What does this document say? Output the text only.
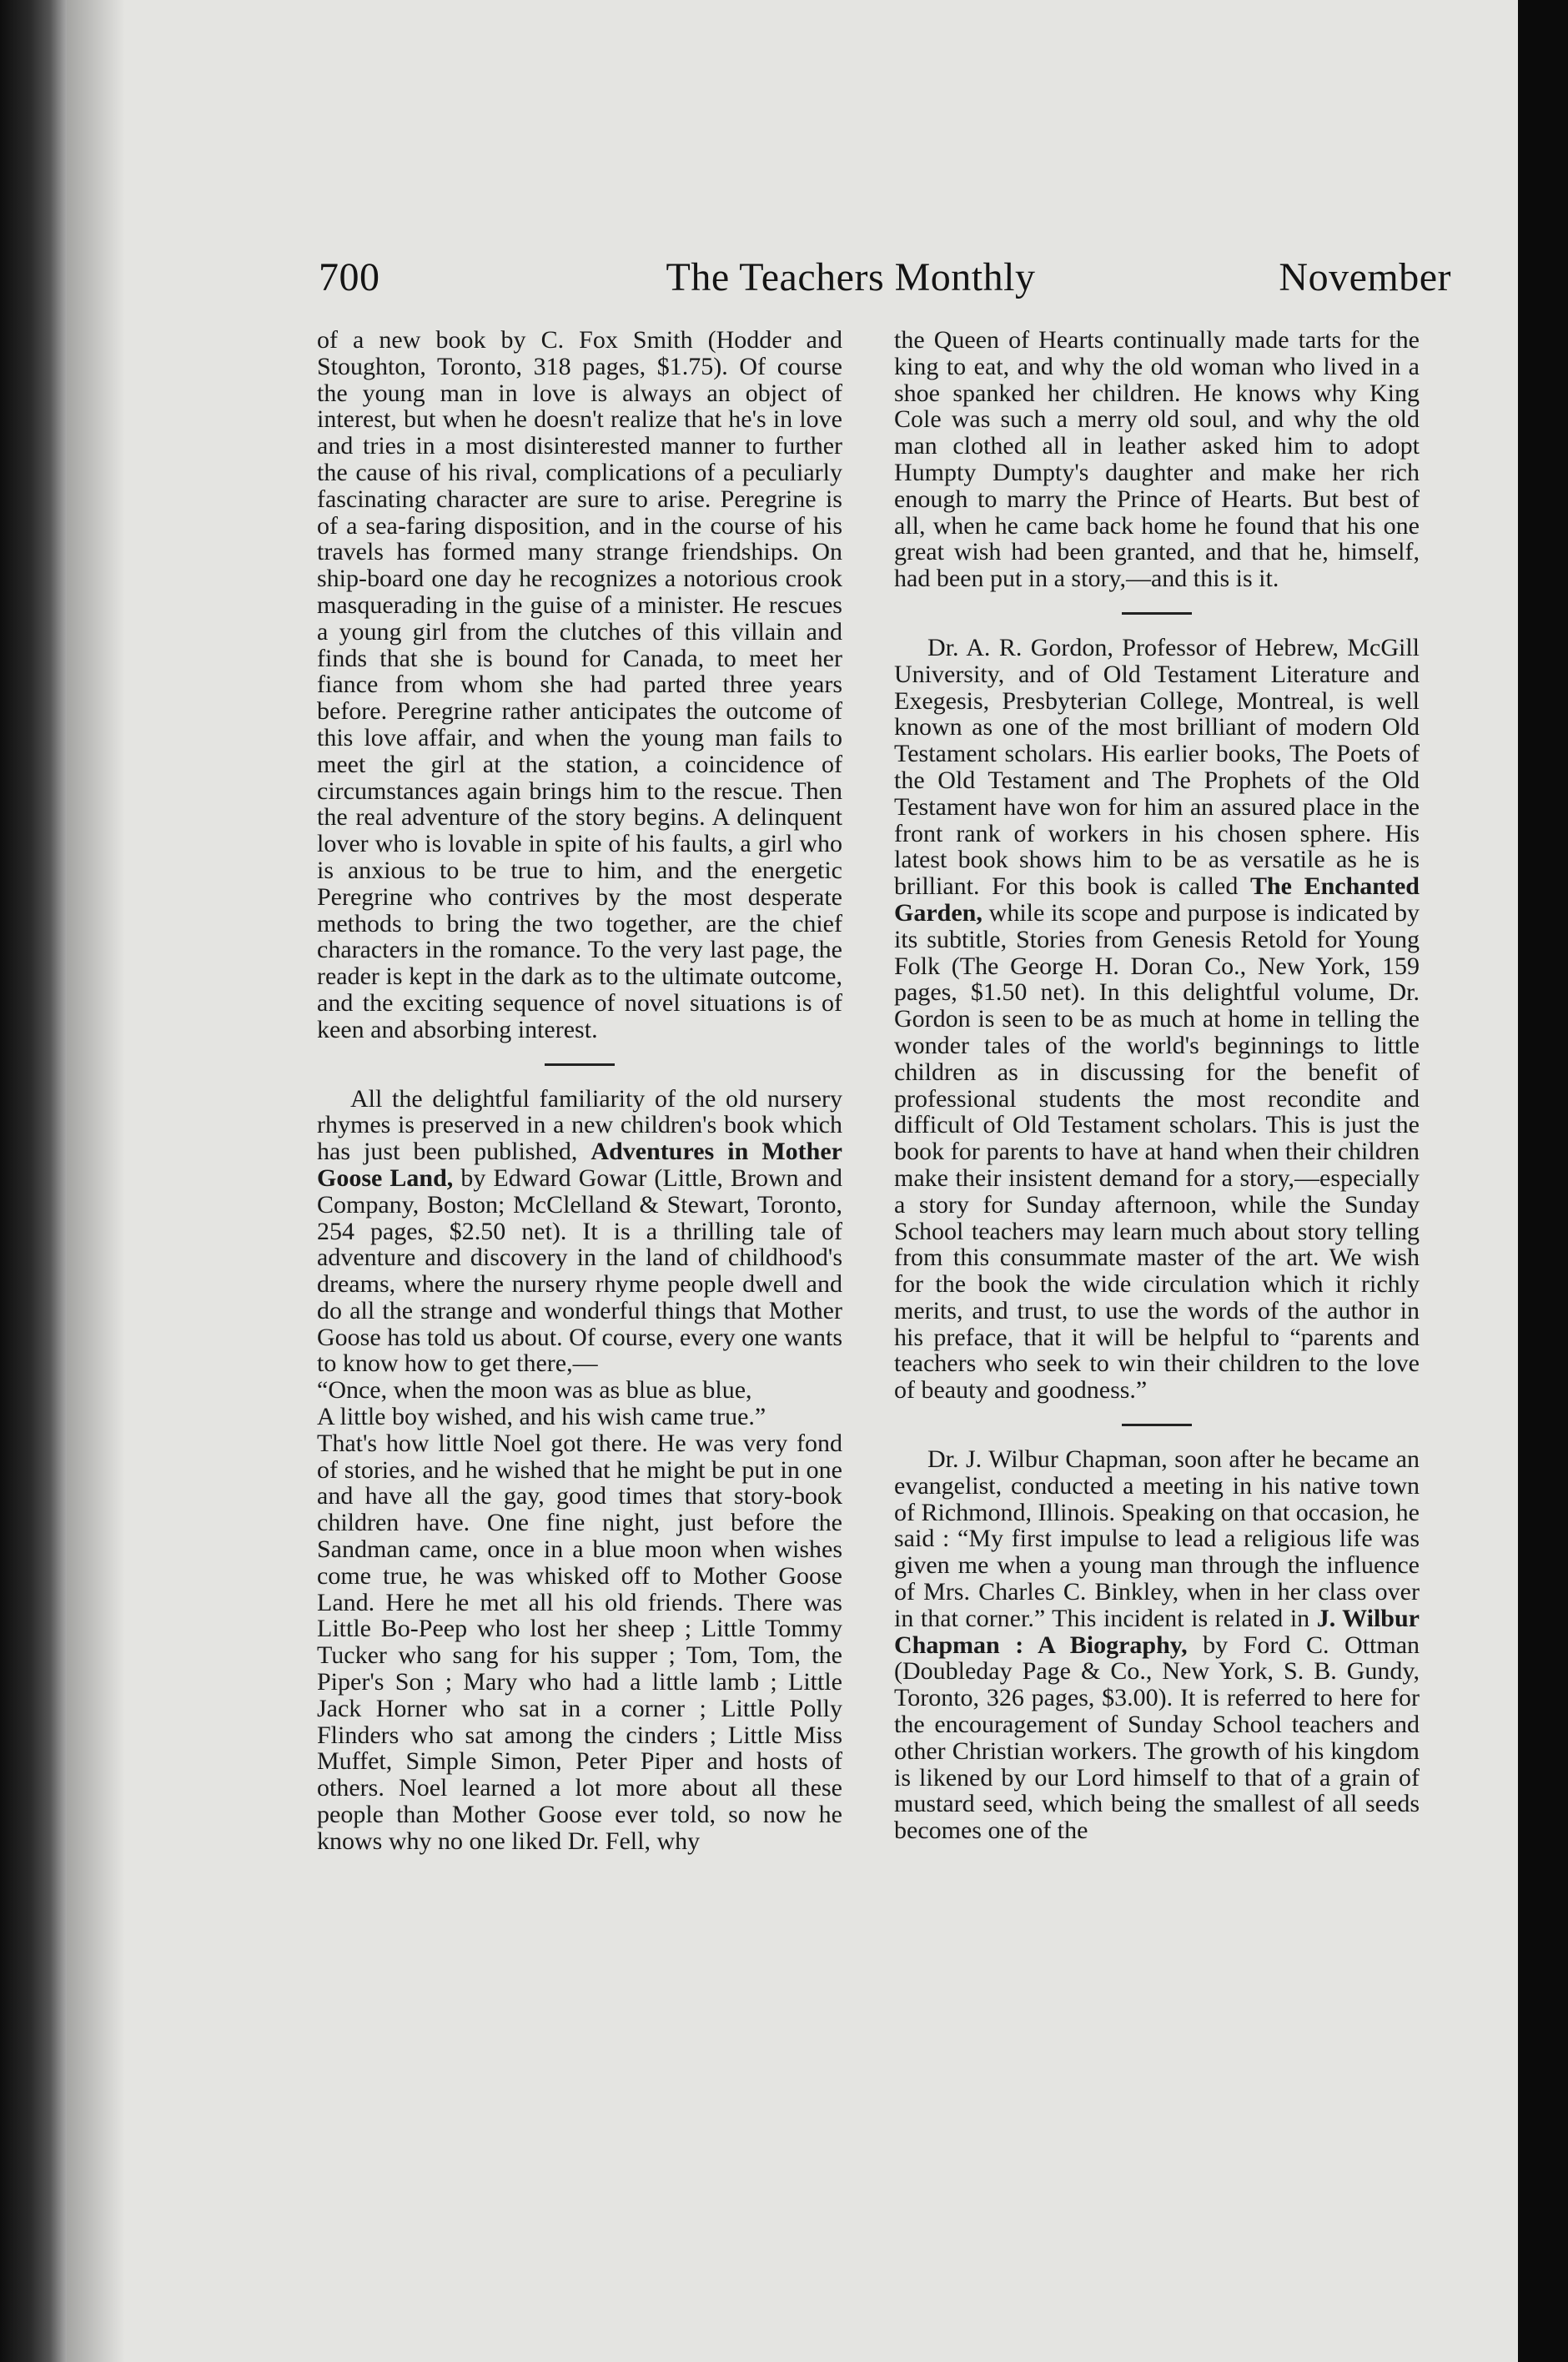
700	The Teachers Monthly	November

of a new book by C. Fox Smith (Hodder and Stoughton, Toronto, 318 pages, $1.75). Of course the young man in love is always an object of interest, but when he doesn't realize that he's in love and tries in a most disinterested manner to further the cause of his rival, complications of a peculiarly fascinating character are sure to arise. Peregrine is of a sea-faring disposition, and in the course of his travels has formed many strange friendships. On ship-board one day he recognizes a notorious crook masquerading in the guise of a minister. He rescues a young girl from the clutches of this villain and finds that she is bound for Canada, to meet her fiance from whom she had parted three years before. Peregrine rather anticipates the outcome of this love affair, and when the young man fails to meet the girl at the station, a coincidence of circumstances again brings him to the rescue. Then the real adventure of the story begins. A delinquent lover who is lovable in spite of his faults, a girl who is anxious to be true to him, and the energetic Peregrine who contrives by the most desperate methods to bring the two together, are the chief characters in the romance. To the very last page, the reader is kept in the dark as to the ultimate outcome, and the exciting sequence of novel situations is of keen and absorbing interest.

All the delightful familiarity of the old nursery rhymes is preserved in a new children's book which has just been published, Adventures in Mother Goose Land, by Edward Gowar (Little, Brown and Company, Boston; McClelland & Stewart, Toronto, 254 pages, $2.50 net). It is a thrilling tale of adventure and discovery in the land of childhood's dreams, where the nursery rhyme people dwell and do all the strange and wonderful things that Mother Goose has told us about. Of course, every one wants to know how to get there,—

“Once, when the moon was as blue as blue,

A little boy wished, and his wish came true.”

That's how little Noel got there. He was very fond of stories, and he wished that he might be put in one and have all the gay, good times that story-book children have. One fine night, just before the Sandman came, once in a blue moon when wishes come true, he was whisked off to Mother Goose Land. Here he met all his old friends. There was Little Bo-Peep who lost her sheep ; Little Tommy Tucker who sang for his supper ; Tom, Tom, the Piper's Son ; Mary who had a little lamb ; Little Jack Horner who sat in a corner ; Little Polly Flinders who sat among the cinders ; Little Miss Muffet, Simple Simon, Peter Piper and hosts of others. Noel learned a lot more about all these people than Mother Goose ever told, so now he knows why no one liked Dr. Fell, why

the Queen of Hearts continually made tarts for the king to eat, and why the old woman who lived in a shoe spanked her children. He knows why King Cole was such a merry old soul, and why the old man clothed all in leather asked him to adopt Humpty Dumpty's daughter and make her rich enough to marry the Prince of Hearts. But best of all, when he came back home he found that his one great wish had been granted, and that he, himself, had been put in a story,—and this is it.

Dr. A. R. Gordon, Professor of Hebrew, McGill University, and of Old Testament Literature and Exegesis, Presbyterian College, Montreal, is well known as one of the most brilliant of modern Old Testament scholars. His earlier books, The Poets of the Old Testament and The Prophets of the Old Testament have won for him an assured place in the front rank of workers in his chosen sphere. His latest book shows him to be as versatile as he is brilliant. For this book is called The Enchanted Garden, while its scope and purpose is indicated by its subtitle, Stories from Genesis Retold for Young Folk (The George H. Doran Co., New York, 159 pages, $1.50 net). In this delightful volume, Dr. Gordon is seen to be as much at home in telling the wonder tales of the world's beginnings to little children as in discussing for the benefit of professional students the most recondite and difficult of Old Testament scholars. This is just the book for parents to have at hand when their children make their insistent demand for a story,—especially a story for Sunday afternoon, while the Sunday School teachers may learn much about story telling from this consummate master of the art. We wish for the book the wide circulation which it richly merits, and trust, to use the words of the author in his preface, that it will be helpful to “parents and teachers who seek to win their children to the love of beauty and goodness.”

Dr. J. Wilbur Chapman, soon after he became an evangelist, conducted a meeting in his native town of Richmond, Illinois. Speaking on that occasion, he said : “My first impulse to lead a religious life was given me when a young man through the influence of Mrs. Charles C. Binkley, when in her class over in that corner.” This incident is related in J. Wilbur Chapman : A Biography, by Ford C. Ottman (Doubleday Page & Co., New York, S. B. Gundy, Toronto, 326 pages, $3.00). It is referred to here for the encouragement of Sunday School teachers and other Christian workers. The growth of his kingdom is likened by our Lord himself to that of a grain of mustard seed, which being the smallest of all seeds becomes one of the
